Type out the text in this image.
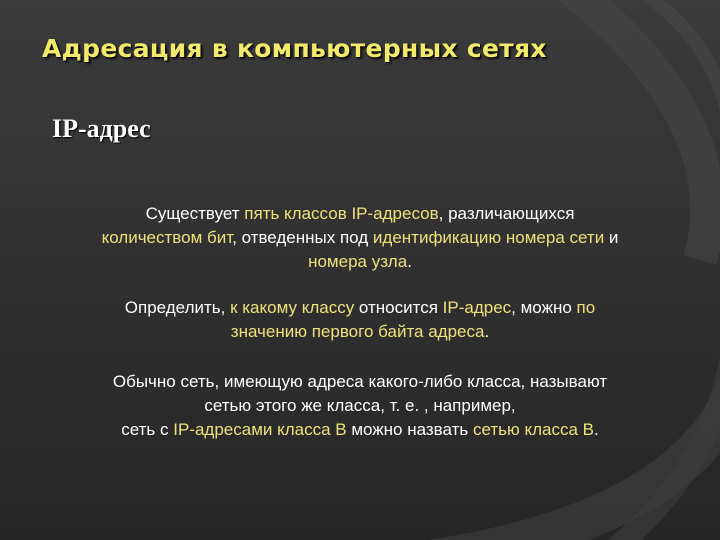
Адресация в компьютерных сетях
IP-адрес
Существует пять классов IP-адресов, различающихся
количеством бит, отведенных под идентификацию номера сети и
номера узла.
Определить, к какому классу относится IP-адрес, можно по
значению первого байта адреса.
Обычно сеть, имеющую адреса какого-либо класса, называют
сетью этого же класса, т. е. , например,
сеть с IP-адресами класса В можно назвать сетью класса В.
